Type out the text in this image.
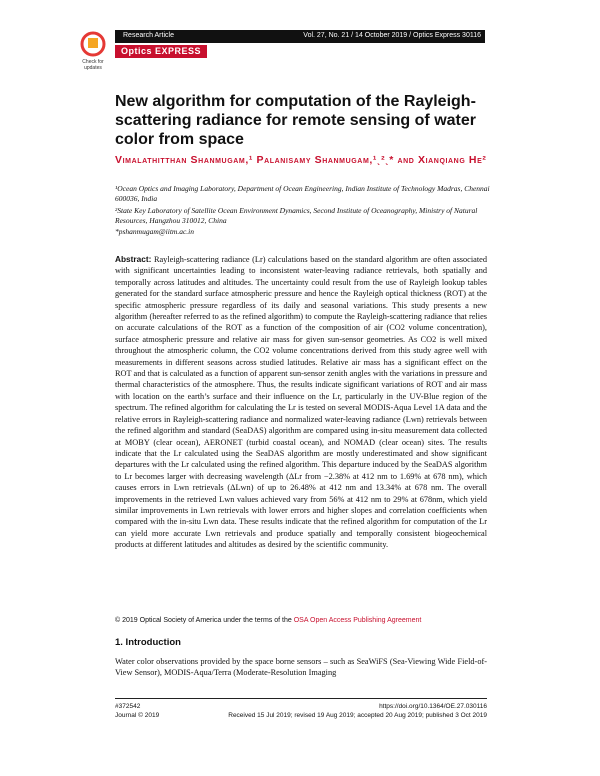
Check for
updates
Research Article	Vol. 27, No. 21 / 14 October 2019 / Optics Express 30116
Optics EXPRESS
New algorithm for computation of the Rayleigh-scattering radiance for remote sensing of water color from space
Vimalathitthan Shanmugam,¹ Palanisamy Shanmugam,¹ˎ²ˎ* and Xianqiang He²
¹Ocean Optics and Imaging Laboratory, Department of Ocean Engineering, Indian Institute of Technology Madras, Chennai 600036, India
²State Key Laboratory of Satellite Ocean Environment Dynamics, Second Institute of Oceanography, Ministry of Natural Resources, Hangzhou 310012, China
*pshanmugam@iitm.ac.in
Abstract: Rayleigh-scattering radiance (Lr) calculations based on the standard algorithm are often associated with significant uncertainties leading to inconsistent water-leaving radiance retrievals, both spatially and temporally across latitudes and altitudes. The uncertainty could result from the use of Rayleigh lookup tables generated for the standard surface atmospheric pressure and hence the Rayleigh optical thickness (ROT) at the specific atmospheric pressure regardless of its daily and seasonal variations. This study presents a new algorithm (hereafter referred to as the refined algorithm) to compute the Rayleigh-scattering radiance that relies on accurate calculations of the ROT as a function of the composition of air (CO2 volume concentration), surface atmospheric pressure and relative air mass for given sun-sensor geometries. As CO2 is well mixed throughout the atmospheric column, the CO2 volume concentrations derived from this study agree well with measurements in different seasons across studied latitudes. Relative air mass has a significant effect on the ROT and that is calculated as a function of apparent sun-sensor zenith angles with the variations in pressure and thermal characteristics of the atmosphere. Thus, the results indicate significant variations of ROT and air mass with location on the earth’s surface and their influence on the Lr, particularly in the UV-Blue region of the spectrum. The refined algorithm for calculating the Lr is tested on several MODIS-Aqua Level 1A data and the relative errors in Rayleigh-scattering radiance and normalized water-leaving radiance (Lwn) retrievals between the refined algorithm and standard (SeaDAS) algorithm are compared using in-situ measurement data collected at MOBY (clear ocean), AERONET (turbid coastal ocean), and NOMAD (clear ocean) sites. The results indicate that the Lr calculated using the SeaDAS algorithm are mostly underestimated and show significant departures with the Lr calculated using the refined algorithm. This departure induced by the SeaDAS algorithm to Lr becomes larger with decreasing wavelength (ΔLr from −2.38% at 412 nm to 1.69% at 678 nm), which causes errors in Lwn retrievals (ΔLwn) of up to 26.48% at 412 nm and 13.34% at 678 nm. The overall improvements in the retrieved Lwn values achieved vary from 56% at 412 nm to 29% at 678nm, which yield similar improvements in Lwn retrievals with lower errors and higher slopes and correlation coefficients when compared with the in-situ Lwn data. These results indicate that the refined algorithm for computation of the Lr can yield more accurate Lwn retrievals and produce spatially and temporally consistent biogeochemical products at different latitudes and altitudes as desired by the scientific community.
© 2019 Optical Society of America under the terms of the OSA Open Access Publishing Agreement
1. Introduction
Water color observations provided by the space borne sensors – such as SeaWiFS (Sea-Viewing Wide Field-of-View Sensor), MODIS-Aqua/Terra (Moderate-Resolution Imaging
#372542	https://doi.org/10.1364/OE.27.030116
Journal © 2019	Received 15 Jul 2019; revised 19 Aug 2019; accepted 20 Aug 2019; published 3 Oct 2019
